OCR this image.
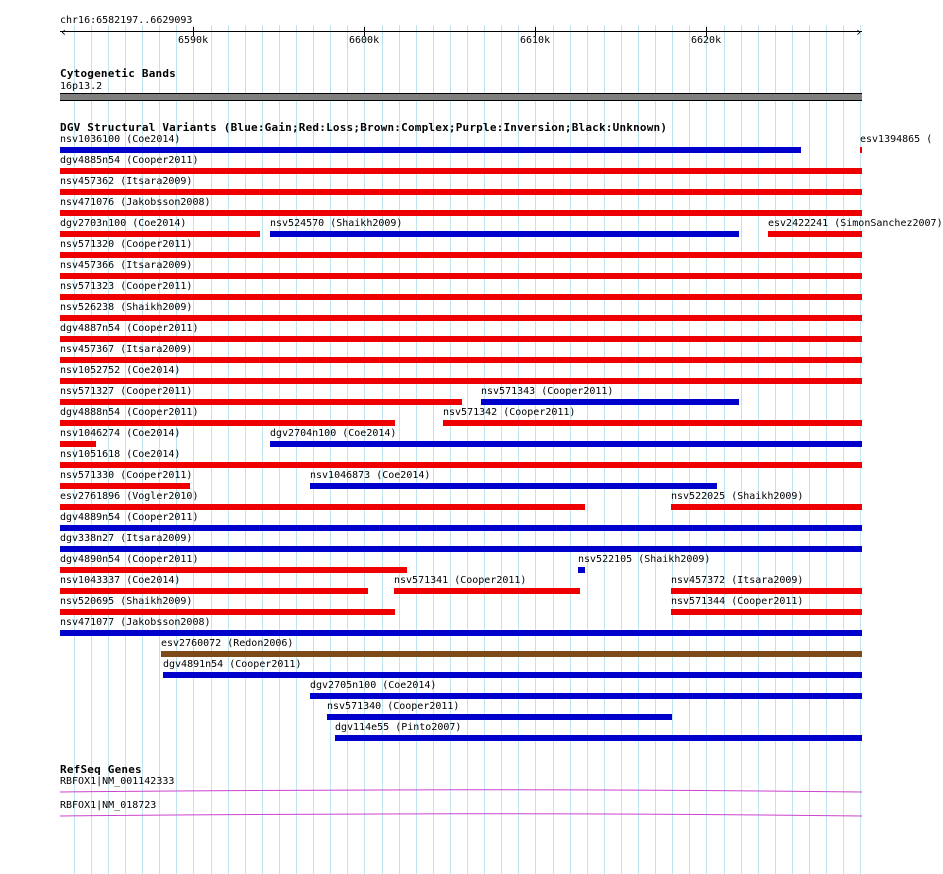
chr16:6582197..6629093
6590k	6600k	6610k	6620k
‹	›
Cytogenetic Bands
16p13.2
DGV Structural Variants (Blue:Gain;Red:Loss;Brown:Complex;Purple:Inversion;Black:Unknown)
nsv1036100 (Coe2014)	esv1394865 (
dgv4885n54 (Cooper2011)
nsv457362 (Itsara2009)
nsv471076 (Jakobsson2008)
dgv2703n100 (Coe2014)	nsv524570 (Shaikh2009)	esv2422241 (SimonSanchez2007)
nsv571320 (Cooper2011)
nsv457366 (Itsara2009)
nsv571323 (Cooper2011)
nsv526238 (Shaikh2009)
dgv4887n54 (Cooper2011)
nsv457367 (Itsara2009)
nsv1052752 (Coe2014)
nsv571327 (Cooper2011)	nsv571343 (Cooper2011)
dgv4888n54 (Cooper2011)	nsv571342 (Cooper2011)
nsv1046274 (Coe2014)	dgv2704n100 (Coe2014)
nsv1051618 (Coe2014)
nsv571330 (Cooper2011)	nsv1046873 (Coe2014)
esv2761896 (Vogler2010)	nsv522025 (Shaikh2009)
dgv4889n54 (Cooper2011)
dgv338n27 (Itsara2009)
dgv4890n54 (Cooper2011)	nsv522105 (Shaikh2009)
nsv1043337 (Coe2014)	nsv571341 (Cooper2011)	nsv457372 (Itsara2009)
nsv520695 (Shaikh2009)	nsv571344 (Cooper2011)
nsv471077 (Jakobsson2008)
esv2760072 (Redon2006)
dgv4891n54 (Cooper2011)
dgv2705n100 (Coe2014)
nsv571340 (Cooper2011)
dgv114e55 (Pinto2007)
RefSeq Genes
RBFOX1|NM_001142333
RBFOX1|NM_018723
